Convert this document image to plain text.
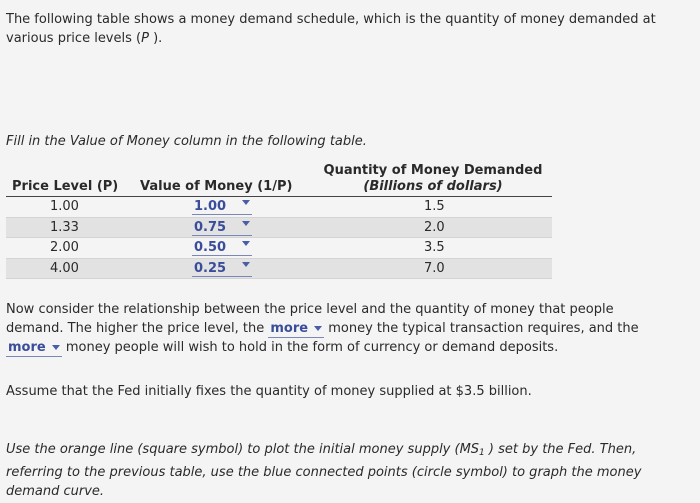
The following table shows a money demand schedule, which is the quantity of money demanded at
various price levels (P ).
Fill in the Value of Money column in the following table.
Price Level (P) Value of Money (1/P)
Quantity of Money Demanded
(Billions of dollars)
1.00	1.00	1.5
1.33	0.75	2.0
2.00	0.50	3.5
4.00	0.25	7.0
Now consider the relationship between the price level and the quantity of money that people
demand. The higher the price level, the more money the typical transaction requires, and the
more money people will wish to hold in the form of currency or demand deposits.
Assume that the Fed initially fixes the quantity of money supplied at $3.5 billion.
Use the orange line (square symbol) to plot the initial money supply ($MS_1$ ) set by the Fed. Then,
referring to the previous table, use the blue connected points (circle symbol) to graph the money
demand curve.
